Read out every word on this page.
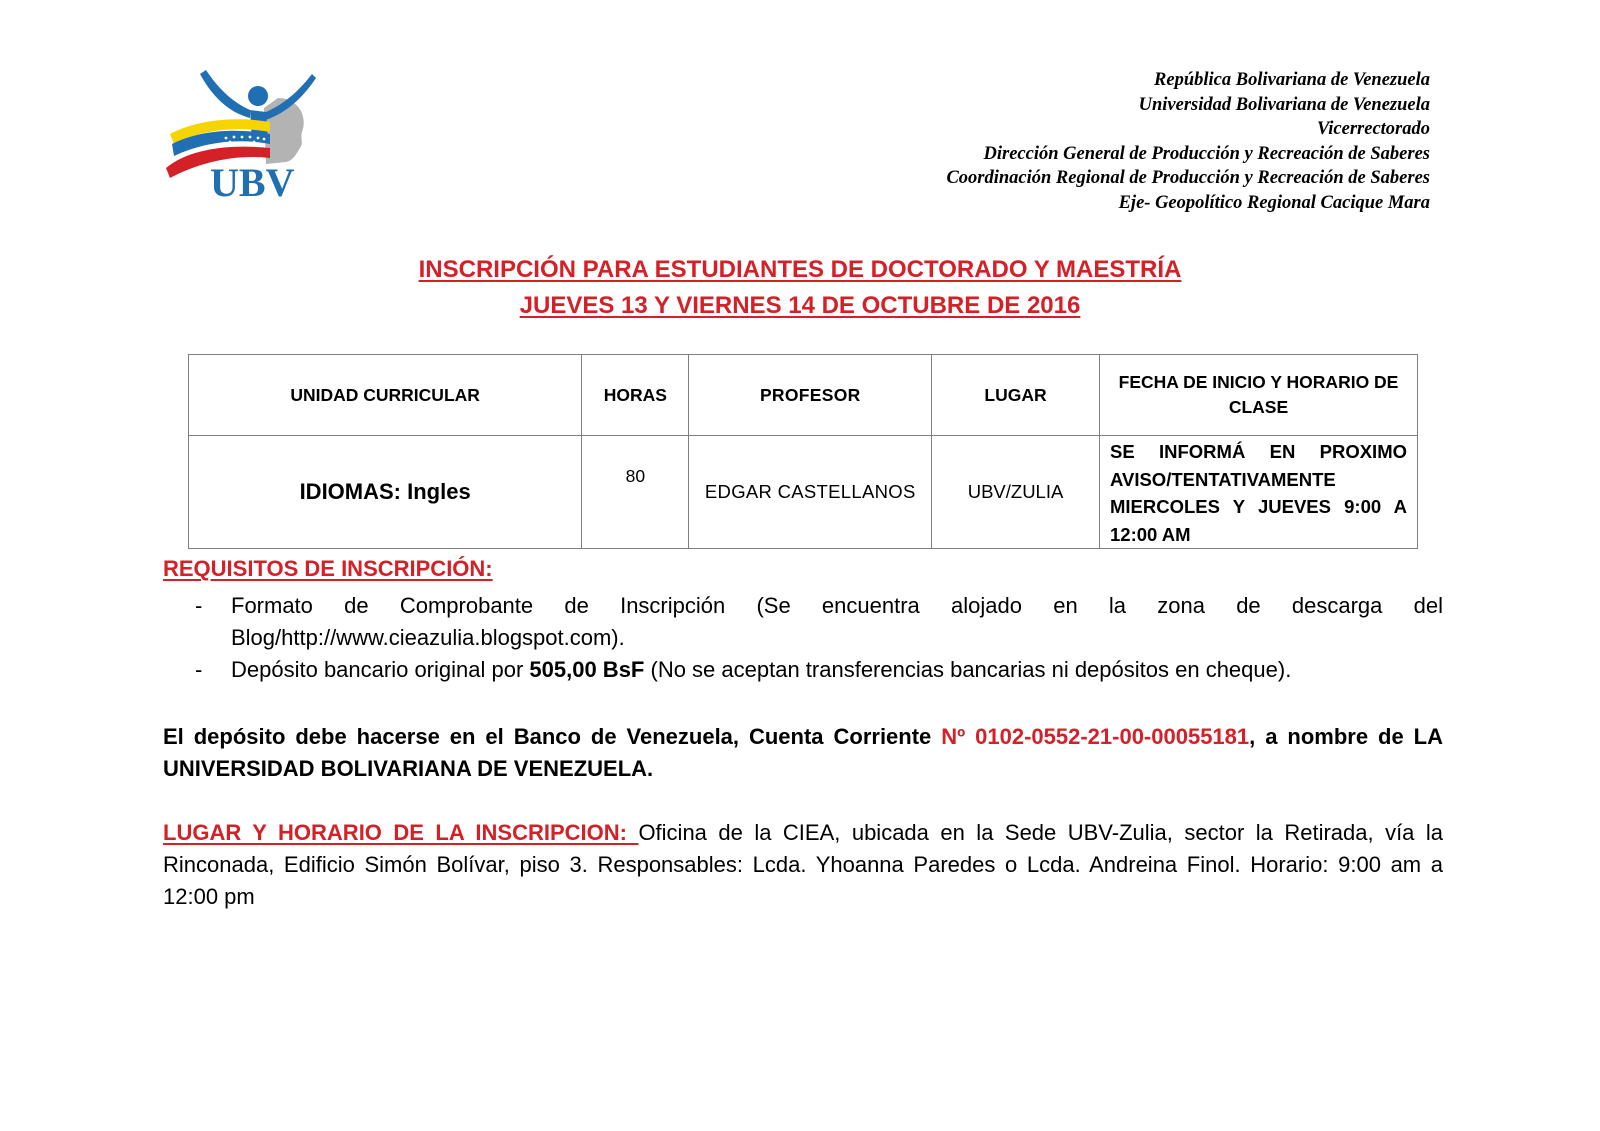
UBV
República Bolivariana de Venezuela
Universidad Bolivariana de Venezuela
Vicerrectorado
Dirección General de Producción y Recreación de Saberes
Coordinación Regional de Producción y Recreación de Saberes
Eje- Geopolítico Regional Cacique Mara
INSCRIPCIÓN PARA ESTUDIANTES DE DOCTORADO Y MAESTRÍA
JUEVES 13 Y VIERNES 14 DE OCTUBRE DE 2016
UNIDAD CURRICULAR	HORAS	PROFESOR	LUGAR	FECHA DE INICIO Y HORARIO DE CLASE
IDIOMAS: Ingles	80	EDGAR CASTELLANOS	UBV/ZULIA	SE INFORMÁ EN PROXIMO AVISO/TENTATIVAMENTE MIERCOLES Y JUEVES 9:00 A 12:00 AM
REQUISITOS DE INSCRIPCIÓN:
- Formato de Comprobante de Inscripción (Se encuentra alojado en la zona de descarga del Blog/http://www.cieazulia.blogspot.com).
- Depósito bancario original por 505,00 BsF (No se aceptan transferencias bancarias ni depósitos en cheque).
El depósito debe hacerse en el Banco de Venezuela, Cuenta Corriente Nº 0102-0552-21-00-00055181, a nombre de LA UNIVERSIDAD BOLIVARIANA DE VENEZUELA.
LUGAR Y HORARIO DE LA INSCRIPCION: Oficina de la CIEA, ubicada en la Sede UBV-Zulia, sector la Retirada, vía la Rinconada, Edificio Simón Bolívar, piso 3. Responsables: Lcda. Yhoanna Paredes o Lcda. Andreina Finol. Horario: 9:00 am a 12:00 pm
